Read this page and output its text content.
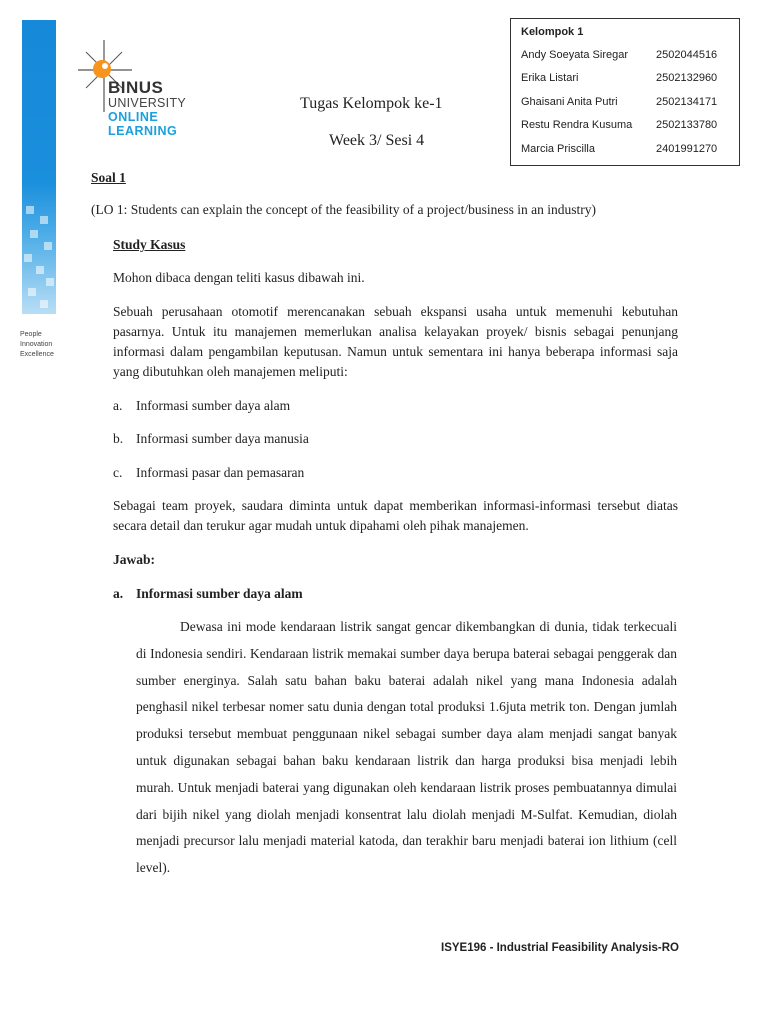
People
Innovation
Excellence
BINUS
UNIVERSITY
ONLINE
LEARNING
Tugas Kelompok ke-1
Week 3/ Sesi 4
Kelompok 1
Andy Soeyata Siregar	2502044516
Erika Listari	2502132960
Ghaisani Anita Putri	2502134171
Restu Rendra Kusuma 2502133780
Marcia Priscilla	2401991270
Soal 1
(LO 1: Students can explain the concept of the feasibility of a project/business in an industry)
Study Kasus
Mohon dibaca dengan teliti kasus dibawah ini.
Sebuah perusahaan otomotif merencanakan sebuah ekspansi usaha untuk memenuhi kebutuhan pasarnya. Untuk itu manajemen memerlukan analisa kelayakan proyek/ bisnis sebagai penunjang informasi dalam pengambilan keputusan. Namun untuk sementara ini hanya beberapa informasi saja yang dibutuhkan oleh manajemen meliputi:
a. Informasi sumber daya alam
b. Informasi sumber daya manusia
c. Informasi pasar dan pemasaran
Sebagai team proyek, saudara diminta untuk dapat memberikan informasi-informasi tersebut diatas secara detail dan terukur agar mudah untuk dipahami oleh pihak manajemen.
Jawab:
a. Informasi sumber daya alam
Dewasa ini mode kendaraan listrik sangat gencar dikembangkan di dunia, tidak terkecuali di Indonesia sendiri. Kendaraan listrik memakai sumber daya berupa baterai sebagai penggerak dan sumber energinya. Salah satu bahan baku baterai adalah nikel yang mana Indonesia adalah penghasil nikel terbesar nomer satu dunia dengan total produksi 1.6juta metrik ton. Dengan jumlah produksi tersebut membuat penggunaan nikel sebagai sumber daya alam menjadi sangat banyak untuk digunakan sebagai bahan baku kendaraan listrik dan harga produksi bisa menjadi lebih murah. Untuk menjadi baterai yang digunakan oleh kendaraan listrik proses pembuatannya dimulai dari bijih nikel yang diolah menjadi konsentrat lalu diolah menjadi M-Sulfat. Kemudian, diolah menjadi precursor lalu menjadi material katoda, dan terakhir baru menjadi baterai ion lithium (cell level).
ISYE196 - Industrial Feasibility Analysis-RO
